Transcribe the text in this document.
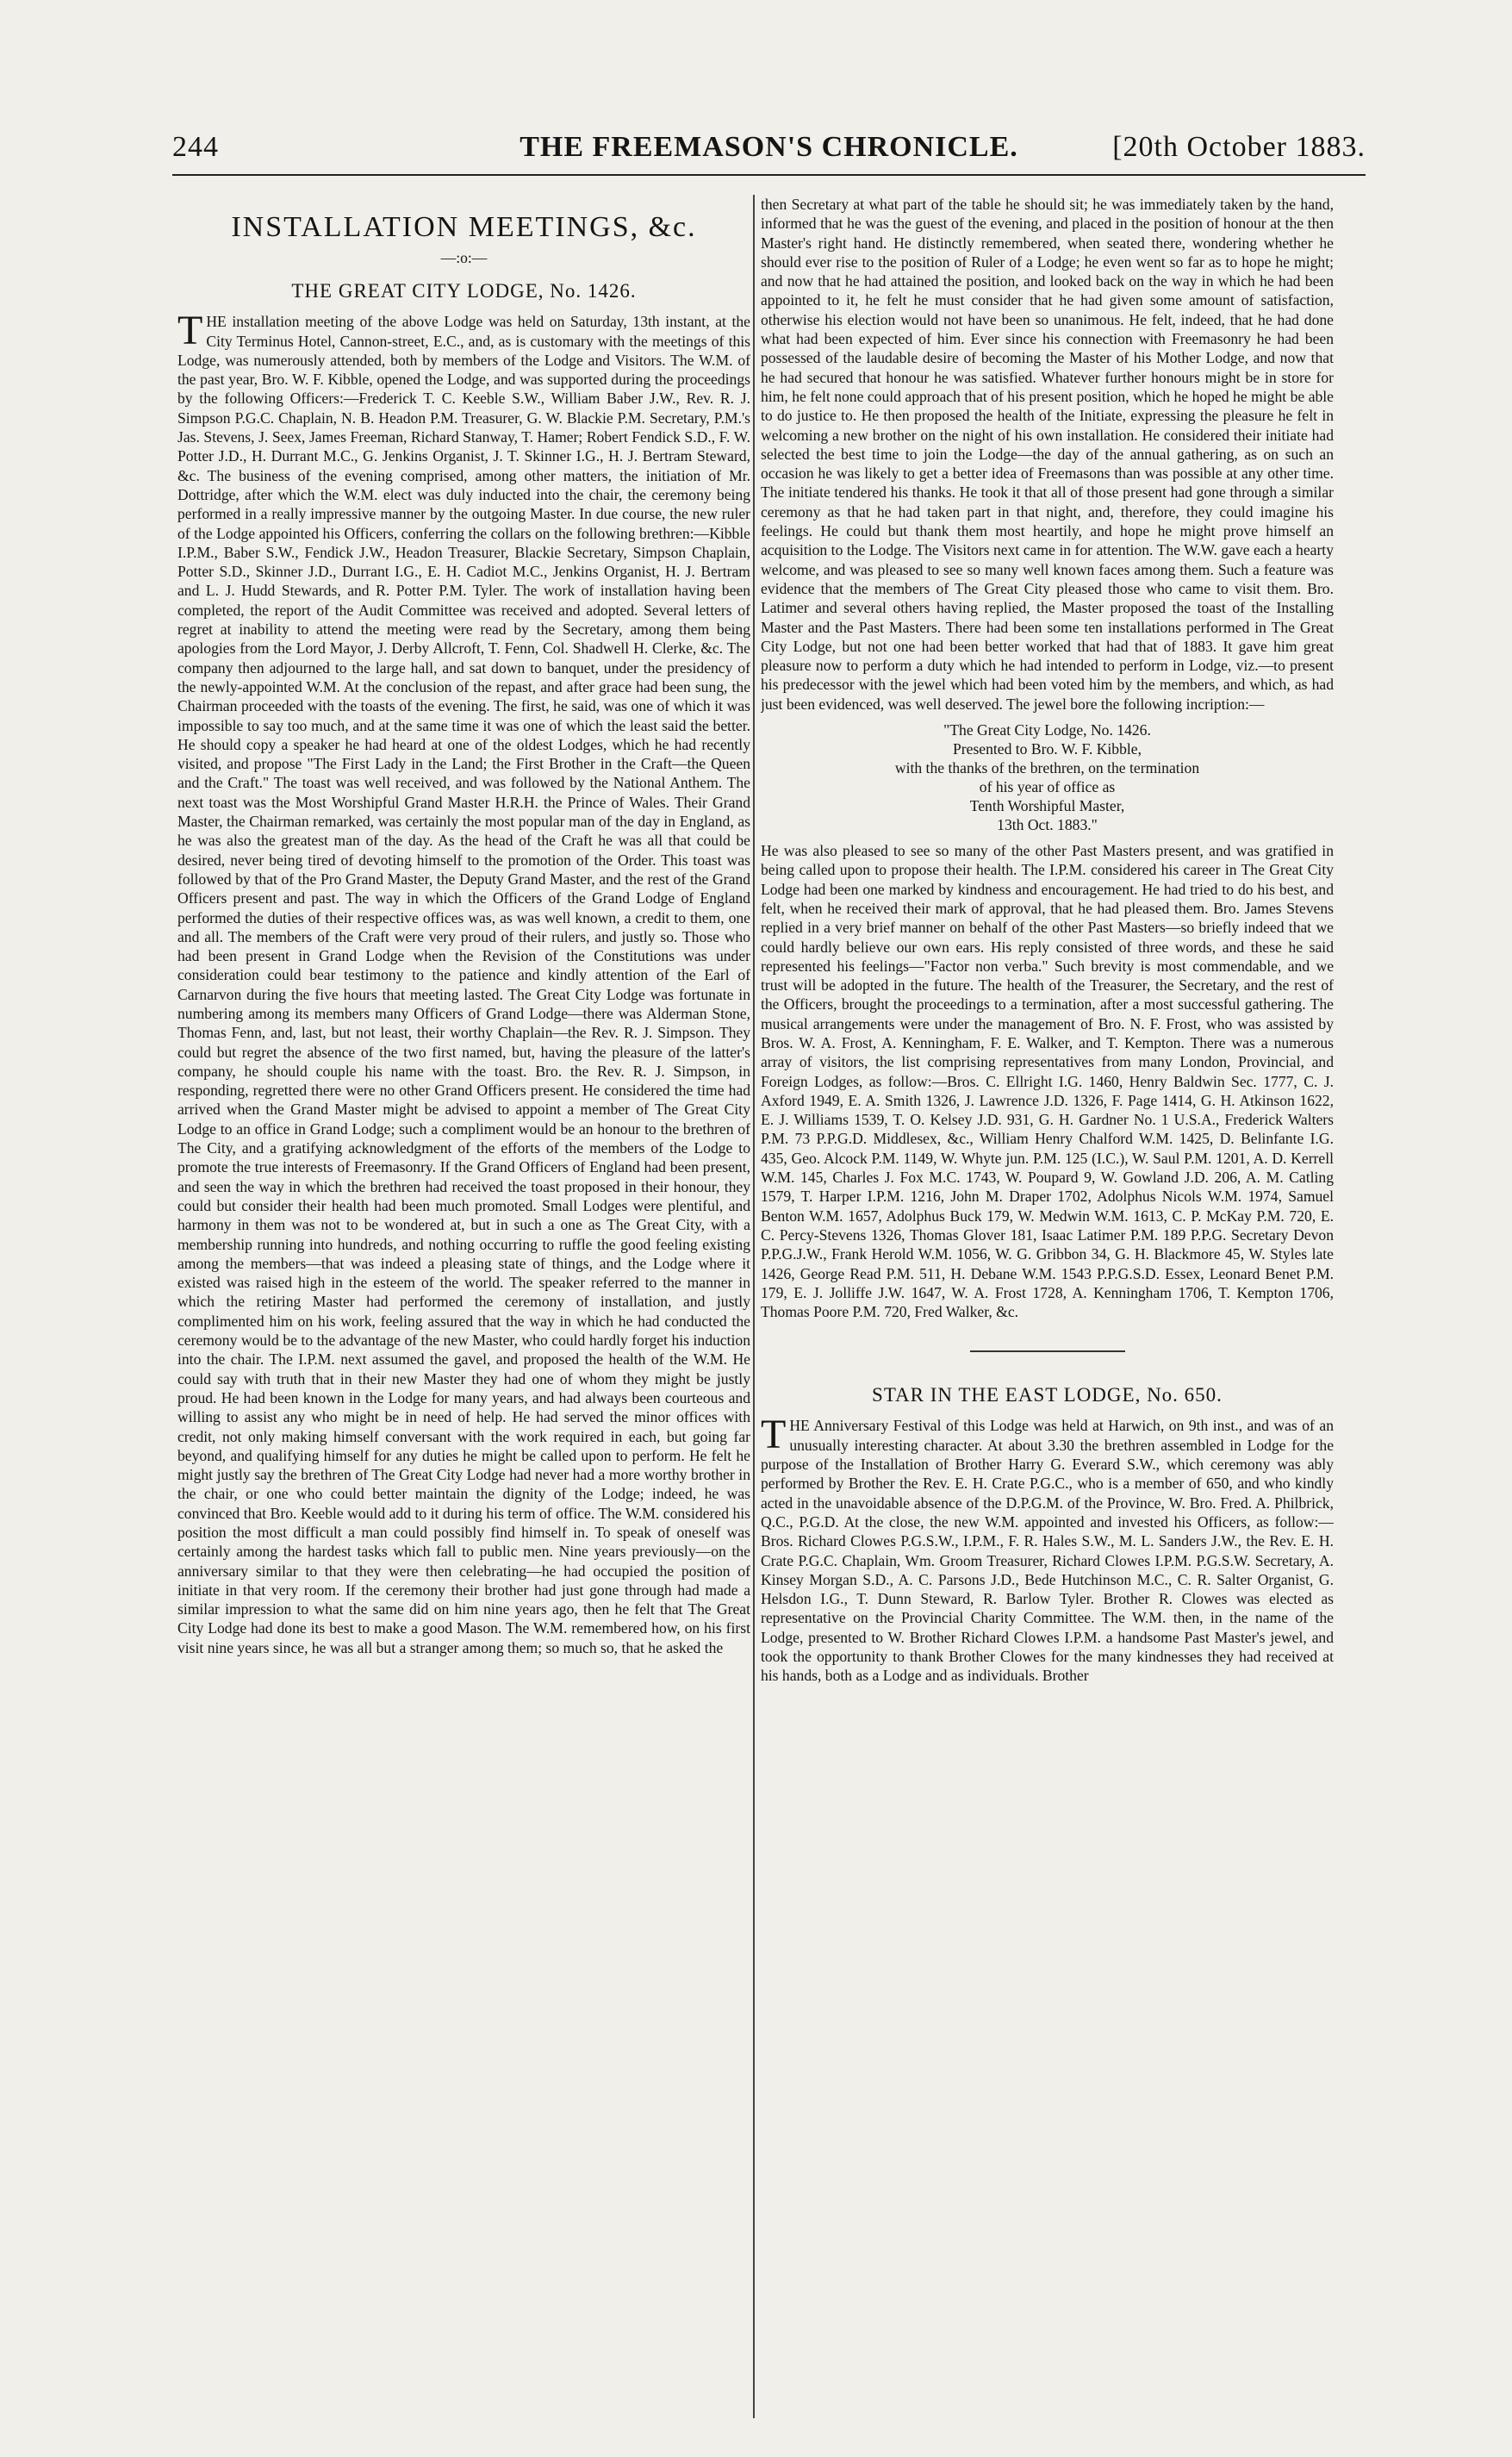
244	THE FREEMASON'S CHRONICLE.	[20th October 1883.
INSTALLATION MEETINGS, &c.
—:o:—
THE GREAT CITY LODGE, No. 1426.

THE installation meeting of the above Lodge was held on Saturday, 13th instant, at the City Terminus Hotel, Cannon-street, E.C., and, as is customary with the meetings of this Lodge, was numerously attended, both by members of the Lodge and Visitors. The W.M. of the past year, Bro. W. F. Kibble, opened the Lodge, and was supported during the proceedings by the following Officers:—Frederick T. C. Keeble S.W., William Baber J.W., Rev. R. J. Simpson P.G.C. Chaplain, N. B. Headon P.M. Treasurer, G. W. Blackie P.M. Secretary, P.M.'s Jas. Stevens, J. Seex, James Freeman, Richard Stanway, T. Hamer; Robert Fendick S.D., F. W. Potter J.D., H. Durrant M.C., G. Jenkins Organist, J. T. Skinner I.G., H. J. Bertram Steward, &c. The business of the evening comprised, among other matters, the initiation of Mr. Dottridge, after which the W.M. elect was duly inducted into the chair, the ceremony being performed in a really impressive manner by the outgoing Master. In due course, the new ruler of the Lodge appointed his Officers, conferring the collars on the following brethren:—Kibble I.P.M., Baber S.W., Fendick J.W., Headon Treasurer, Blackie Secretary, Simpson Chaplain, Potter S.D., Skinner J.D., Durrant I.G., E. H. Cadiot M.C., Jenkins Organist, H. J. Bertram and L. J. Hudd Stewards, and R. Potter P.M. Tyler. The work of installation having been completed, the report of the Audit Committee was received and adopted. Several letters of regret at inability to attend the meeting were read by the Secretary, among them being apologies from the Lord Mayor, J. Derby Allcroft, T. Fenn, Col. Shadwell H. Clerke, &c. The company then adjourned to the large hall, and sat down to banquet, under the presidency of the newly-appointed W.M. At the conclusion of the repast, and after grace had been sung, the Chairman proceeded with the toasts of the evening. The first, he said, was one of which it was impossible to say too much, and at the same time it was one of which the least said the better. He should copy a speaker he had heard at one of the oldest Lodges, which he had recently visited, and propose "The First Lady in the Land; the First Brother in the Craft—the Queen and the Craft." The toast was well received, and was followed by the National Anthem. The next toast was the Most Worshipful Grand Master H.R.H. the Prince of Wales. Their Grand Master, the Chairman remarked, was certainly the most popular man of the day in England, as he was also the greatest man of the day. As the head of the Craft he was all that could be desired, never being tired of devoting himself to the promotion of the Order. This toast was followed by that of the Pro Grand Master, the Deputy Grand Master, and the rest of the Grand Officers present and past. The way in which the Officers of the Grand Lodge of England performed the duties of their respective offices was, as was well known, a credit to them, one and all. The members of the Craft were very proud of their rulers, and justly so. Those who had been present in Grand Lodge when the Revision of the Constitutions was under consideration could bear testimony to the patience and kindly attention of the Earl of Carnarvon during the five hours that meeting lasted. The Great City Lodge was fortunate in numbering among its members many Officers of Grand Lodge—there was Alderman Stone, Thomas Fenn, and, last, but not least, their worthy Chaplain—the Rev. R. J. Simpson. They could but regret the absence of the two first named, but, having the pleasure of the latter's company, he should couple his name with the toast. Bro. the Rev. R. J. Simpson, in responding, regretted there were no other Grand Officers present. He considered the time had arrived when the Grand Master might be advised to appoint a member of The Great City Lodge to an office in Grand Lodge; such a compliment would be an honour to the brethren of The City, and a gratifying acknowledgment of the efforts of the members of the Lodge to promote the true interests of Freemasonry. If the Grand Officers of England had been present, and seen the way in which the brethren had received the toast proposed in their honour, they could but consider their health had been much promoted. Small Lodges were plentiful, and harmony in them was not to be wondered at, but in such a one as The Great City, with a membership running into hundreds, and nothing occurring to ruffle the good feeling existing among the members—that was indeed a pleasing state of things, and the Lodge where it existed was raised high in the esteem of the world. The speaker referred to the manner in which the retiring Master had performed the ceremony of installation, and justly complimented him on his work, feeling assured that the way in which he had conducted the ceremony would be to the advantage of the new Master, who could hardly forget his induction into the chair. The I.P.M. next assumed the gavel, and proposed the health of the W.M. He could say with truth that in their new Master they had one of whom they might be justly proud. He had been known in the Lodge for many years, and had always been courteous and willing to assist any who might be in need of help. He had served the minor offices with credit, not only making himself conversant with the work required in each, but going far beyond, and qualifying himself for any duties he might be called upon to perform. He felt he might justly say the brethren of The Great City Lodge had never had a more worthy brother in the chair, or one who could better maintain the dignity of the Lodge; indeed, he was convinced that Bro. Keeble would add to it during his term of office. The W.M. considered his position the most difficult a man could possibly find himself in. To speak of oneself was certainly among the hardest tasks which fall to public men. Nine years previously—on the anniversary similar to that they were then celebrating—he had occupied the position of initiate in that very room. If the ceremony their brother had just gone through had made a similar impression to what the same did on him nine years ago, then he felt that The Great City Lodge had done its best to make a good Mason. The W.M. remembered how, on his first visit nine years since, he was all but a stranger among them; so much so, that he asked the

then Secretary at what part of the table he should sit; he was immediately taken by the hand, informed that he was the guest of the evening, and placed in the position of honour at the then Master's right hand. He distinctly remembered, when seated there, wondering whether he should ever rise to the position of Ruler of a Lodge; he even went so far as to hope he might; and now that he had attained the position, and looked back on the way in which he had been appointed to it, he felt he must consider that he had given some amount of satisfaction, otherwise his election would not have been so unanimous. He felt, indeed, that he had done what had been expected of him. Ever since his connection with Freemasonry he had been possessed of the laudable desire of becoming the Master of his Mother Lodge, and now that he had secured that honour he was satisfied. Whatever further honours might be in store for him, he felt none could approach that of his present position, which he hoped he might be able to do justice to. He then proposed the health of the Initiate, expressing the pleasure he felt in welcoming a new brother on the night of his own installation. He considered their initiate had selected the best time to join the Lodge—the day of the annual gathering, as on such an occasion he was likely to get a better idea of Freemasons than was possible at any other time. The initiate tendered his thanks. He took it that all of those present had gone through a similar ceremony as that he had taken part in that night, and, therefore, they could imagine his feelings. He could but thank them most heartily, and hope he might prove himself an acquisition to the Lodge. The Visitors next came in for attention. The W.W. gave each a hearty welcome, and was pleased to see so many well known faces among them. Such a feature was evidence that the members of The Great City pleased those who came to visit them. Bro. Latimer and several others having replied, the Master proposed the toast of the Installing Master and the Past Masters. There had been some ten installations performed in The Great City Lodge, but not one had been better worked that had that of 1883. It gave him great pleasure now to perform a duty which he had intended to perform in Lodge, viz.—to present his predecessor with the jewel which had been voted him by the members, and which, as had just been evidenced, was well deserved. The jewel bore the following incription:—

"The Great City Lodge, No. 1426.
Presented to Bro. W. F. Kibble,
with the thanks of the brethren, on the termination
of his year of office as
Tenth Worshipful Master,
13th Oct. 1883."

He was also pleased to see so many of the other Past Masters present, and was gratified in being called upon to propose their health. The I.P.M. considered his career in The Great City Lodge had been one marked by kindness and encouragement. He had tried to do his best, and felt, when he received their mark of approval, that he had pleased them. Bro. James Stevens replied in a very brief manner on behalf of the other Past Masters—so briefly indeed that we could hardly believe our own ears. His reply consisted of three words, and these he said represented his feelings—"Factor non verba." Such brevity is most commendable, and we trust will be adopted in the future. The health of the Treasurer, the Secretary, and the rest of the Officers, brought the proceedings to a termination, after a most successful gathering. The musical arrangements were under the management of Bro. N. F. Frost, who was assisted by Bros. W. A. Frost, A. Kenningham, F. E. Walker, and T. Kempton. There was a numerous array of visitors, the list comprising representatives from many London, Provincial, and Foreign Lodges, as follow:—Bros. C. Ellright I.G. 1460, Henry Baldwin Sec. 1777, C. J. Axford 1949, E. A. Smith 1326, J. Lawrence J.D. 1326, F. Page 1414, G. H. Atkinson 1622, E. J. Williams 1539, T. O. Kelsey J.D. 931, G. H. Gardner No. 1 U.S.A., Frederick Walters P.M. 73 P.P.G.D. Middlesex, &c., William Henry Chalford W.M. 1425, D. Belinfante I.G. 435, Geo. Alcock P.M. 1149, W. Whyte jun. P.M. 125 (I.C.), W. Saul P.M. 1201, A. D. Kerrell W.M. 145, Charles J. Fox M.C. 1743, W. Poupard 9, W. Gowland J.D. 206, A. M. Catling 1579, T. Harper I.P.M. 1216, John M. Draper 1702, Adolphus Nicols W.M. 1974, Samuel Benton W.M. 1657, Adolphus Buck 179, W. Medwin W.M. 1613, C. P. McKay P.M. 720, E. C. Percy-Stevens 1326, Thomas Glover 181, Isaac Latimer P.M. 189 P.P.G. Secretary Devon P.P.G.J.W., Frank Herold W.M. 1056, W. G. Gribbon 34, G. H. Blackmore 45, W. Styles late 1426, George Read P.M. 511, H. Debane W.M. 1543 P.P.G.S.D. Essex, Leonard Benet P.M. 179, E. J. Jolliffe J.W. 1647, W. A. Frost 1728, A. Kenningham 1706, T. Kempton 1706, Thomas Poore P.M. 720, Fred Walker, &c.

STAR IN THE EAST LODGE, No. 650.

THE Anniversary Festival of this Lodge was held at Harwich, on 9th inst., and was of an unusually interesting character. At about 3.30 the brethren assembled in Lodge for the purpose of the Installation of Brother Harry G. Everard S.W., which ceremony was ably performed by Brother the Rev. E. H. Crate P.G.C., who is a member of 650, and who kindly acted in the unavoidable absence of the D.P.G.M. of the Province, W. Bro. Fred. A. Philbrick, Q.C., P.G.D. At the close, the new W.M. appointed and invested his Officers, as follow:—Bros. Richard Clowes P.G.S.W., I.P.M., F. R. Hales S.W., M. L. Sanders J.W., the Rev. E. H. Crate P.G.C. Chaplain, Wm. Groom Treasurer, Richard Clowes I.P.M. P.G.S.W. Secretary, A. Kinsey Morgan S.D., A. C. Parsons J.D., Bede Hutchinson M.C., C. R. Salter Organist, G. Helsdon I.G., T. Dunn Steward, R. Barlow Tyler. Brother R. Clowes was elected as representative on the Provincial Charity Committee. The W.M. then, in the name of the Lodge, presented to W. Brother Richard Clowes I.P.M. a handsome Past Master's jewel, and took the opportunity to thank Brother Clowes for the many kindnesses they had received at his hands, both as a Lodge and as individuals. Brother
